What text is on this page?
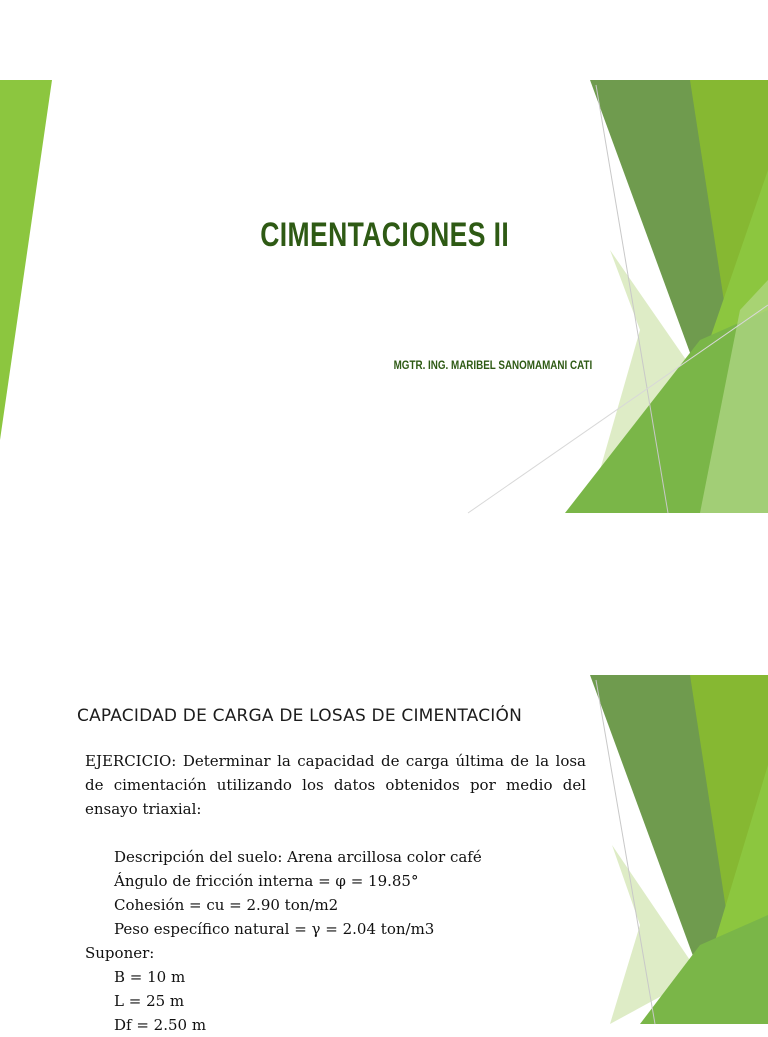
CIMENTACIONES II
MGTR. ING. MARIBEL SANOMAMANI CATI
CAPACIDAD DE CARGA DE LOSAS DE CIMENTACIÓN
EJERCICIO: Determinar la capacidad de carga última de la losa de cimentación utilizando los datos obtenidos por medio del ensayo triaxial:
Descripción del suelo: Arena arcillosa color café
Ángulo de fricción interna = φ = 19.85°
Cohesión = cu = 2.90 ton/m2
Peso específico natural = γ = 2.04 ton/m3
Suponer:
B = 10 m
L = 25 m
Df = 2.50 m
